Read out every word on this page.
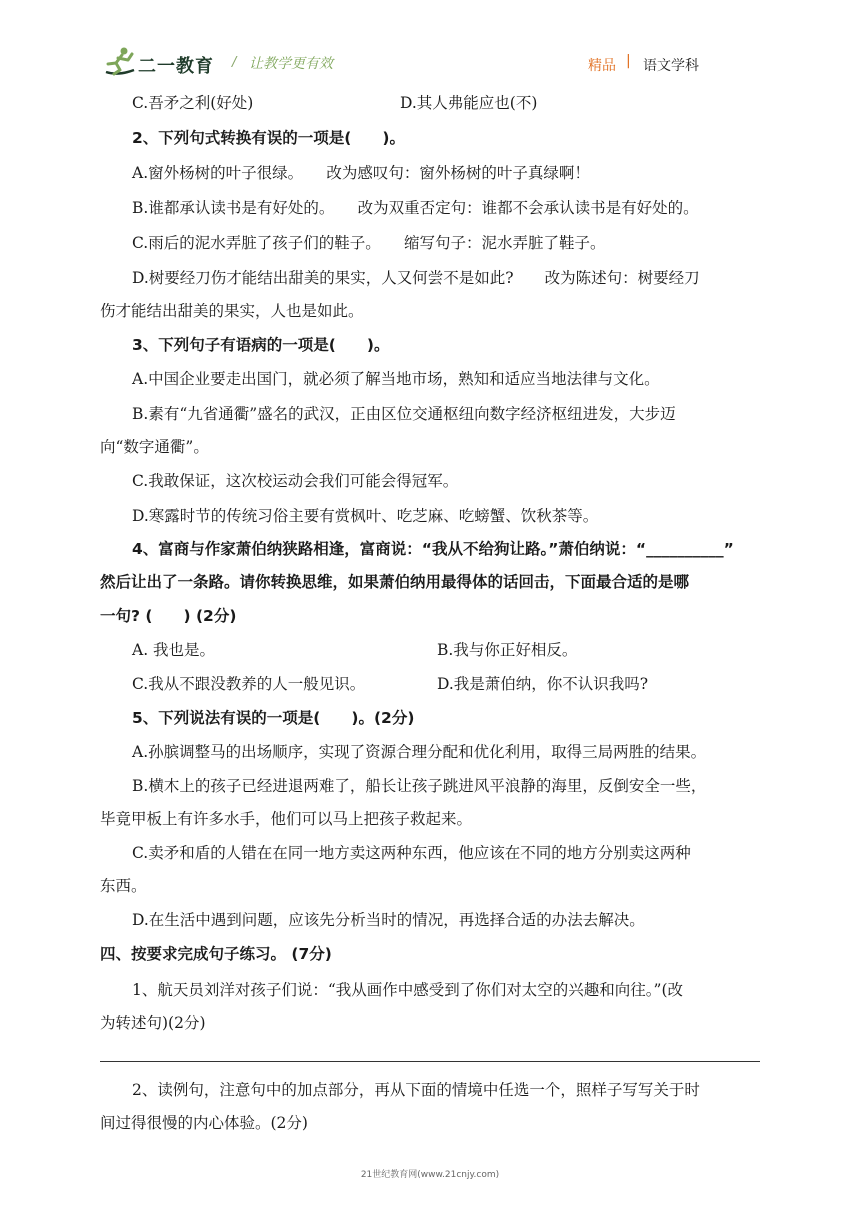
二一教育 / 让教学更有效	精品 | 语文学科
C.吾矛之利(好处)	D.其人弗能应也(不)
2、下列句式转换有误的一项是(　　)。
A.窗外杨树的叶子很绿。　　改为感叹句：窗外杨树的叶子真绿啊！
B.谁都承认读书是有好处的。　　改为双重否定句：谁都不会承认读书是有好处的。
C.雨后的泥水弄脏了孩子们的鞋子。　　缩写句子：泥水弄脏了鞋子。
D.树要经刀伤才能结出甜美的果实，人又何尝不是如此?　　改为陈述句：树要经刀
伤才能结出甜美的果实，人也是如此。
3、下列句子有语病的一项是(　　)。
A.中国企业要走出国门，就必须了解当地市场，熟知和适应当地法律与文化。
B.素有“九省通衢”盛名的武汉，正由区位交通枢纽向数字经济枢纽进发，大步迈
向“数字通衢”。
C.我敢保证，这次校运动会我们可能会得冠军。
D.寒露时节的传统习俗主要有赏枫叶、吃芝麻、吃螃蟹、饮秋茶等。
4、富商与作家萧伯纳狭路相逢，富商说：“我从不给狗让路。”萧伯纳说：“__________”
然后让出了一条路。请你转换思维，如果萧伯纳用最得体的话回击，下面最合适的是哪
一句? (　　) (2分)
A. 我也是。	B.我与你正好相反。
C.我从不跟没教养的人一般见识。	D.我是萧伯纳，你不认识我吗?
5、下列说法有误的一项是(　　)。(2分)
A.孙膑调整马的出场顺序，实现了资源合理分配和优化利用，取得三局两胜的结果。
B.横木上的孩子已经进退两难了，船长让孩子跳进风平浪静的海里，反倒安全一些，
毕竟甲板上有许多水手，他们可以马上把孩子救起来。
C.卖矛和盾的人错在在同一地方卖这两种东西，他应该在不同的地方分别卖这两种
东西。
D.在生活中遇到问题，应该先分析当时的情况，再选择合适的办法去解决。
四、按要求完成句子练习。 (7分)
1、航天员刘洋对孩子们说：“我从画作中感受到了你们对太空的兴趣和向往。”(改
为转述句)(2分)
2、读例句，注意句中的加点部分，再从下面的情境中任选一个，照样子写写关于时
间过得很慢的内心体验。(2分)
21世纪教育网(www.21cnjy.com)
